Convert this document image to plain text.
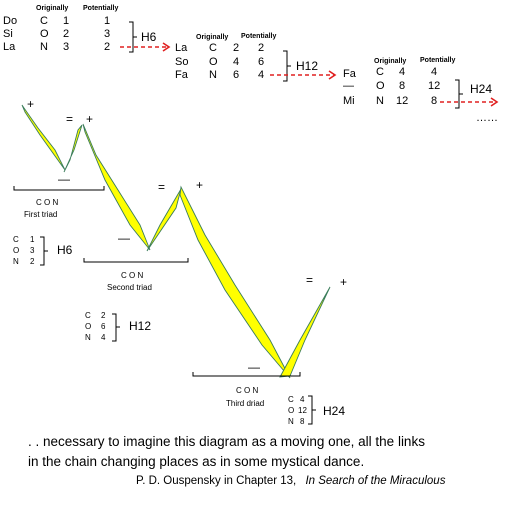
Originally Potentially
Do C 1	1
Si O 2	3
La N 3	2
H6	Originally Potentially
La C 2 2
So O 4 6
Fa N 6 4
H12	Originally Potentially
Fa C 4 4
— O 8 12
Mi N 12 8
H24
……
+
= +
—
=	+
—
= +
—
C O N
First triad
C 1
O 3
N 2
H6
C O N
Second triad
C 2
O 6
N 4
H12
C O N
Third driad	C 4
O 12
N 8
H24
. . necessary to imagine this diagram as a moving one, all the links
in the chain changing places as in some mystical dance.
P. D. Ouspensky in Chapter 13, In Search of the Miraculous
